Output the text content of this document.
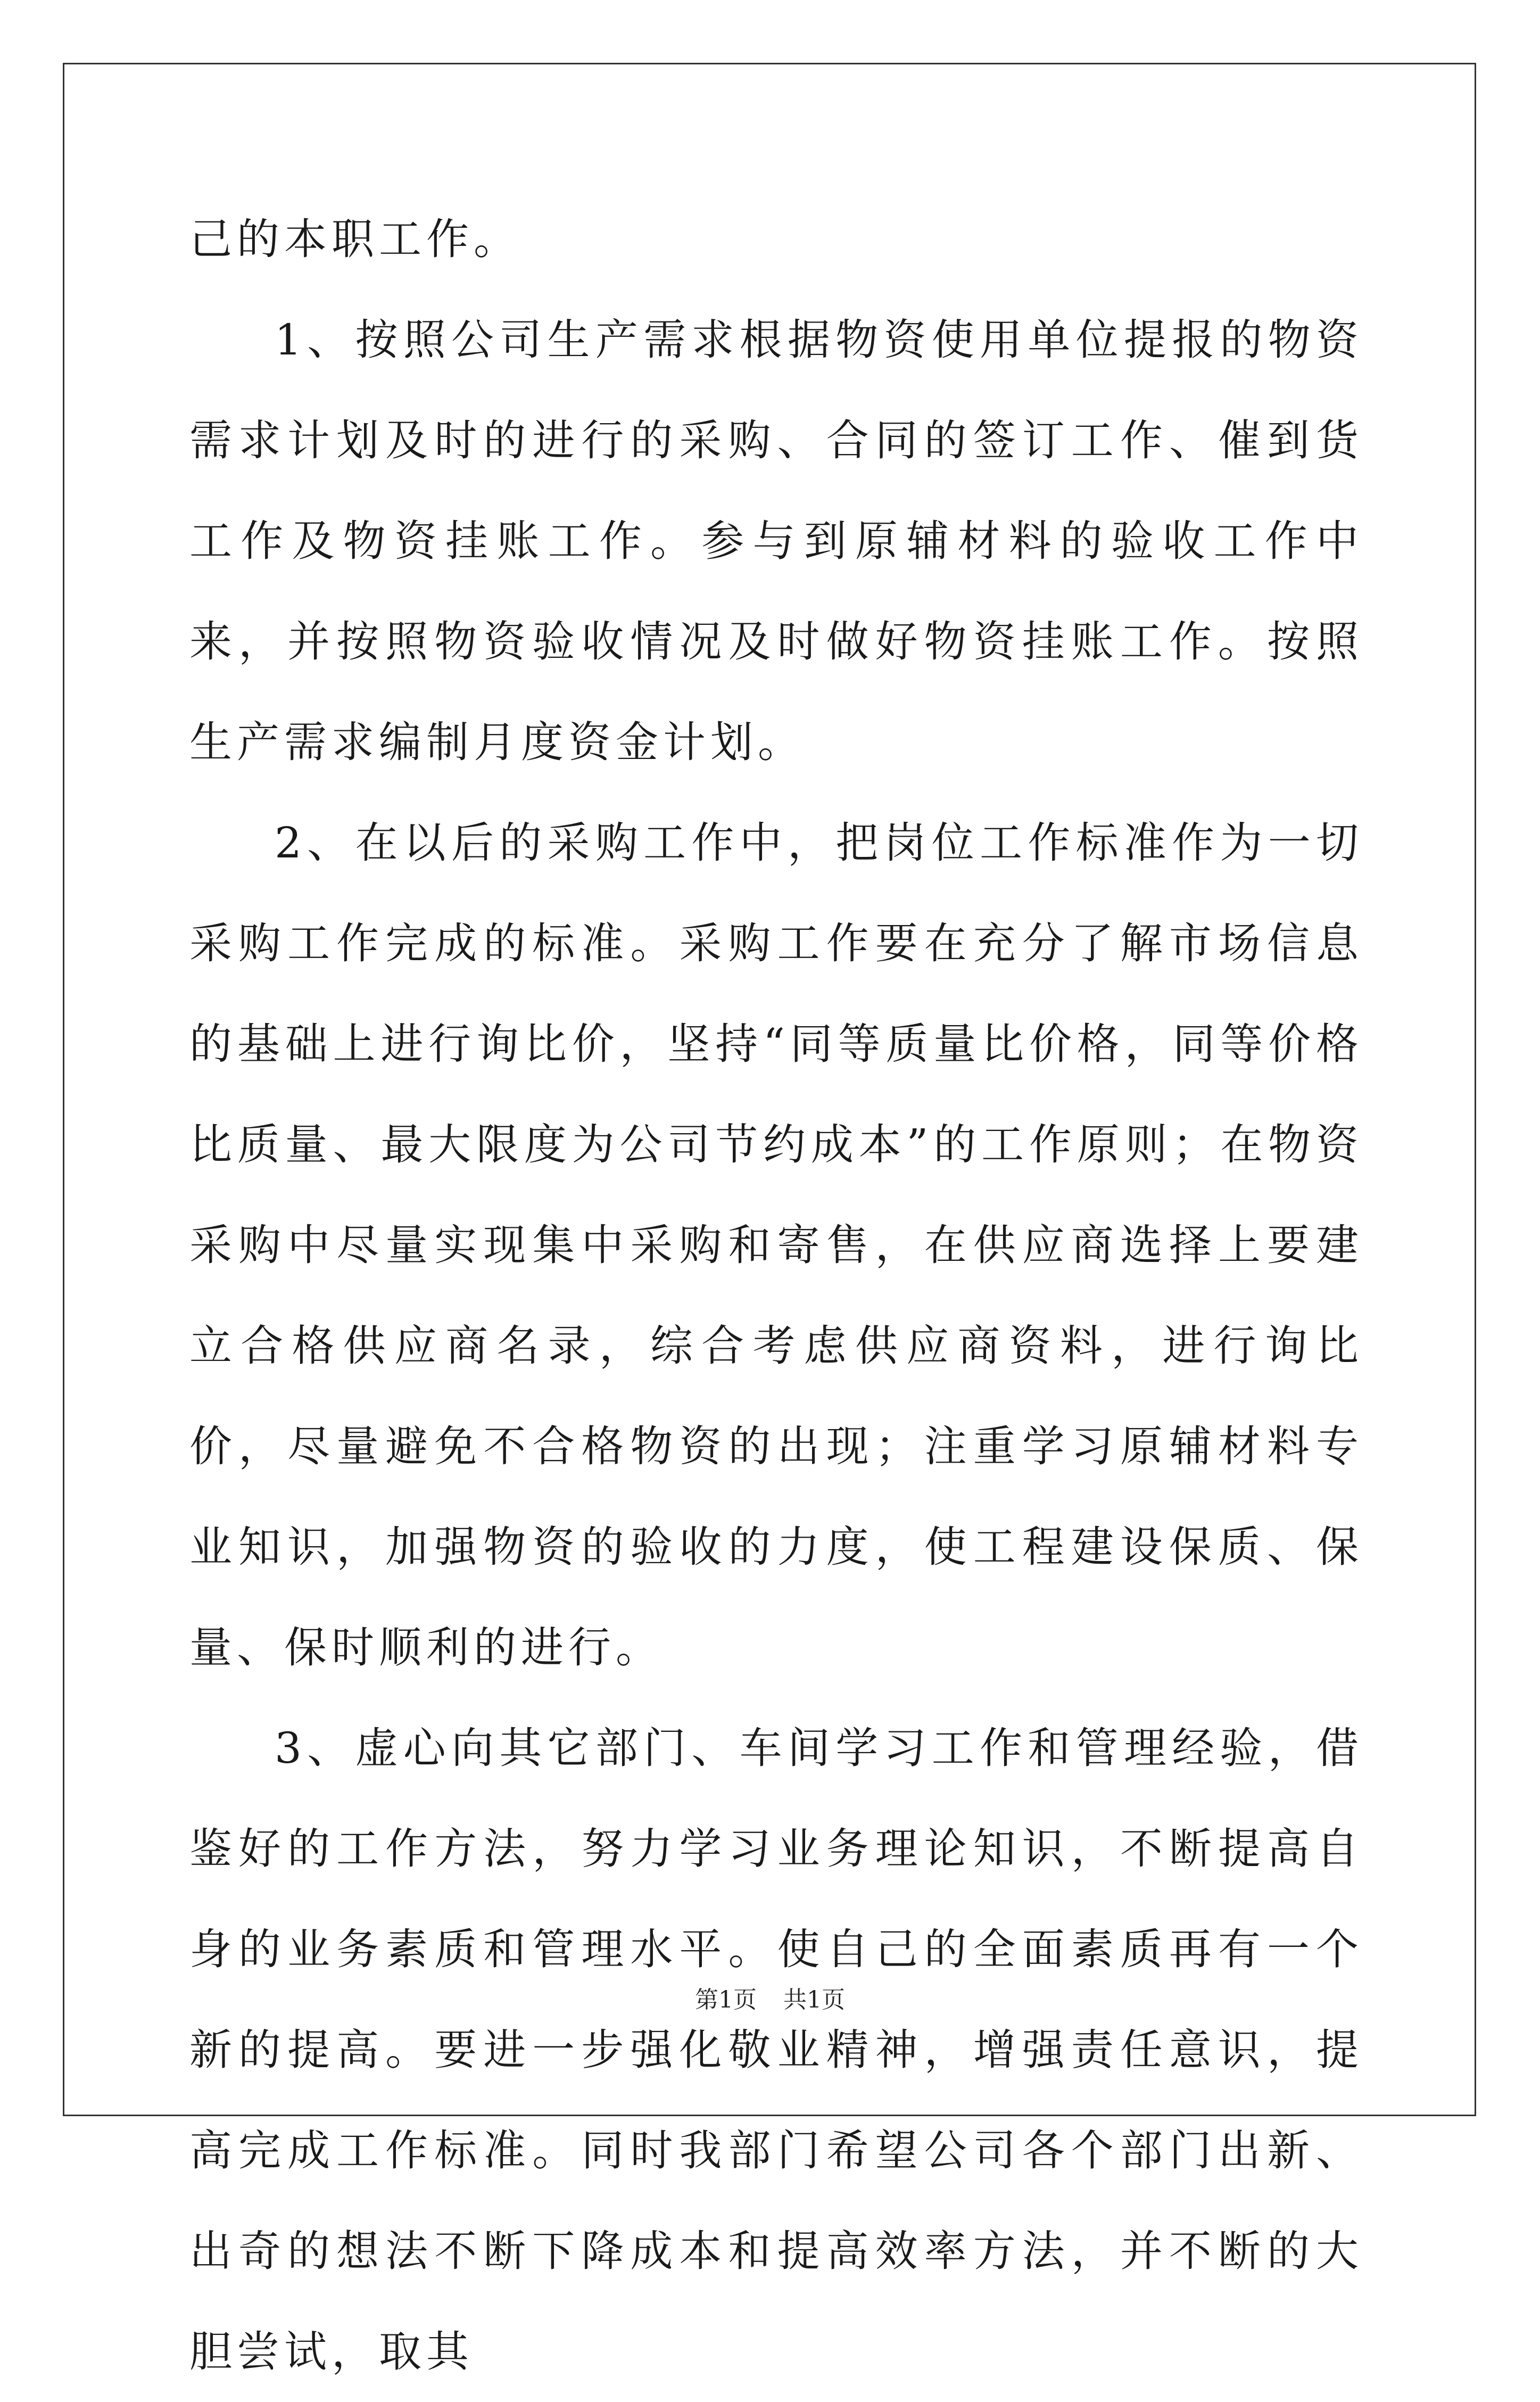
己的本职工作。

1、按照公司生产需求根据物资使用单位提报的物资需求计划及时的进行的采购、合同的签订工作、催到货工作及物资挂账工作。参与到原辅材料的验收工作中来，并按照物资验收情况及时做好物资挂账工作。按照生产需求编制月度资金计划。

2、在以后的采购工作中，把岗位工作标准作为一切采购工作完成的标准。采购工作要在充分了解市场信息的基础上进行询比价，坚持“同等质量比价格，同等价格比质量、最大限度为公司节约成本”的工作原则；在物资采购中尽量实现集中采购和寄售，在供应商选择上要建立合格供应商名录，综合考虑供应商资料，进行询比价，尽量避免不合格物资的出现；注重学习原辅材料专业知识，加强物资的验收的力度，使工程建设保质、保量、保时顺利的进行。

3、虚心向其它部门、车间学习工作和管理经验，借鉴好的工作方法，努力学习业务理论知识，不断提高自身的业务素质和管理水平。使自己的全面素质再有一个新的提高。要进一步强化敬业精神，增强责任意识，提高完成工作标准。同时我部门希望公司各个部门出新、出奇的想法不断下降成本和提高效率方法，并不断的大胆尝试，取其

第1页 共1页
